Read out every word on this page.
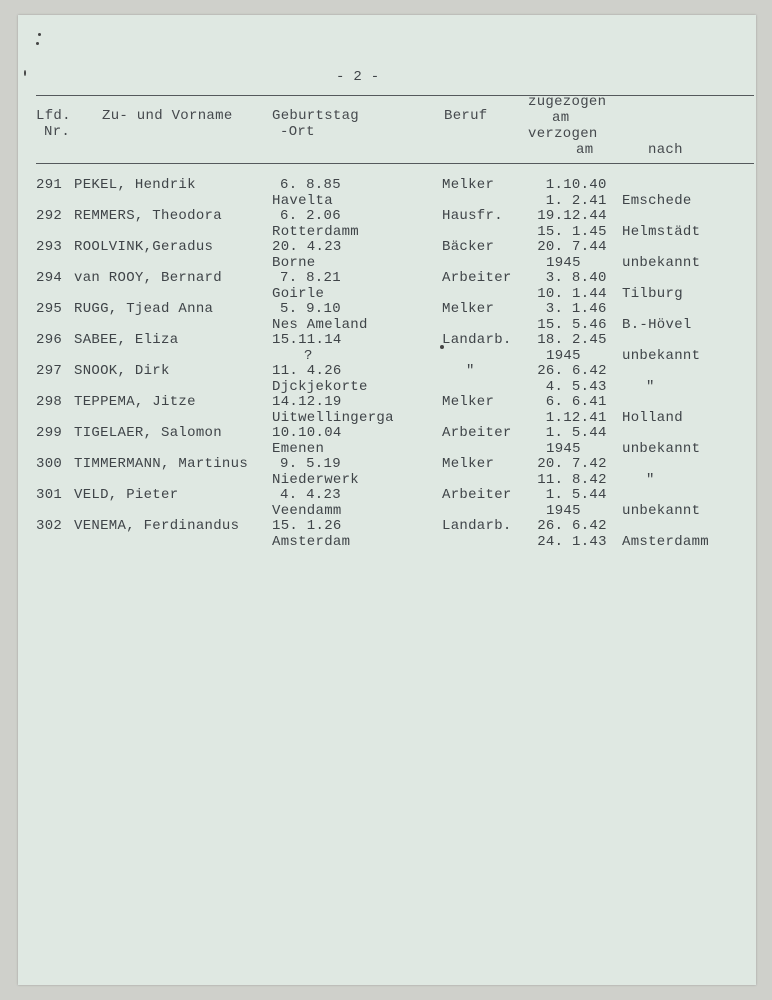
- 2 -
Lfd.
Nr.
Zu- und Vorname	Geburtstag
-Ort
Beruf
zugezogen
am
verzogen
am	nach
291 PEKEL, Hendrik	6. 8.85
Havelta
Melker	1.10.40
1. 2.41 Emschede
292 REMMERS, Theodora	6. 2.06
Rotterdamm
Hausfr. 19.12.44
15. 1.45 Helmstädt
293 ROOLVINK,Geradus	20. 4.23
Borne
Bäcker	20. 7.44
1945	unbekannt
294 van ROOY, Bernard	7. 8.21
Goirle
Arbeiter 3. 8.40
10. 1.44 Tilburg
295 RUGG, Tjead Anna	5. 9.10
Nes Ameland
Melker	3. 1.46
15. 5.46 B.-Hövel
296 SABEE, Eliza	15.11.14
?
Landarb. 18. 2.45
1945	unbekannt
297 SNOOK, Dirk	11. 4.26
Djckjekorte
"	26. 6.42
4. 5.43	"
298 TEPPEMA, Jitze	14.12.19
Uitwellingerga
Melker	6. 6.41
1.12.41 Holland
299 TIGELAER, Salomon	10.10.04
Emenen
Arbeiter 1. 5.44
1945	unbekannt
300 TIMMERMANN, Martinus 9. 5.19
Niederwerk
Melker	20. 7.42
11. 8.42	"
301 VELD, Pieter	4. 4.23
Veendamm
Arbeiter 1. 5.44
1945	unbekannt
302 VENEMA, Ferdinandus 15. 1.26
Amsterdam
Landarb. 26. 6.42
24. 1.43 Amsterdamm
